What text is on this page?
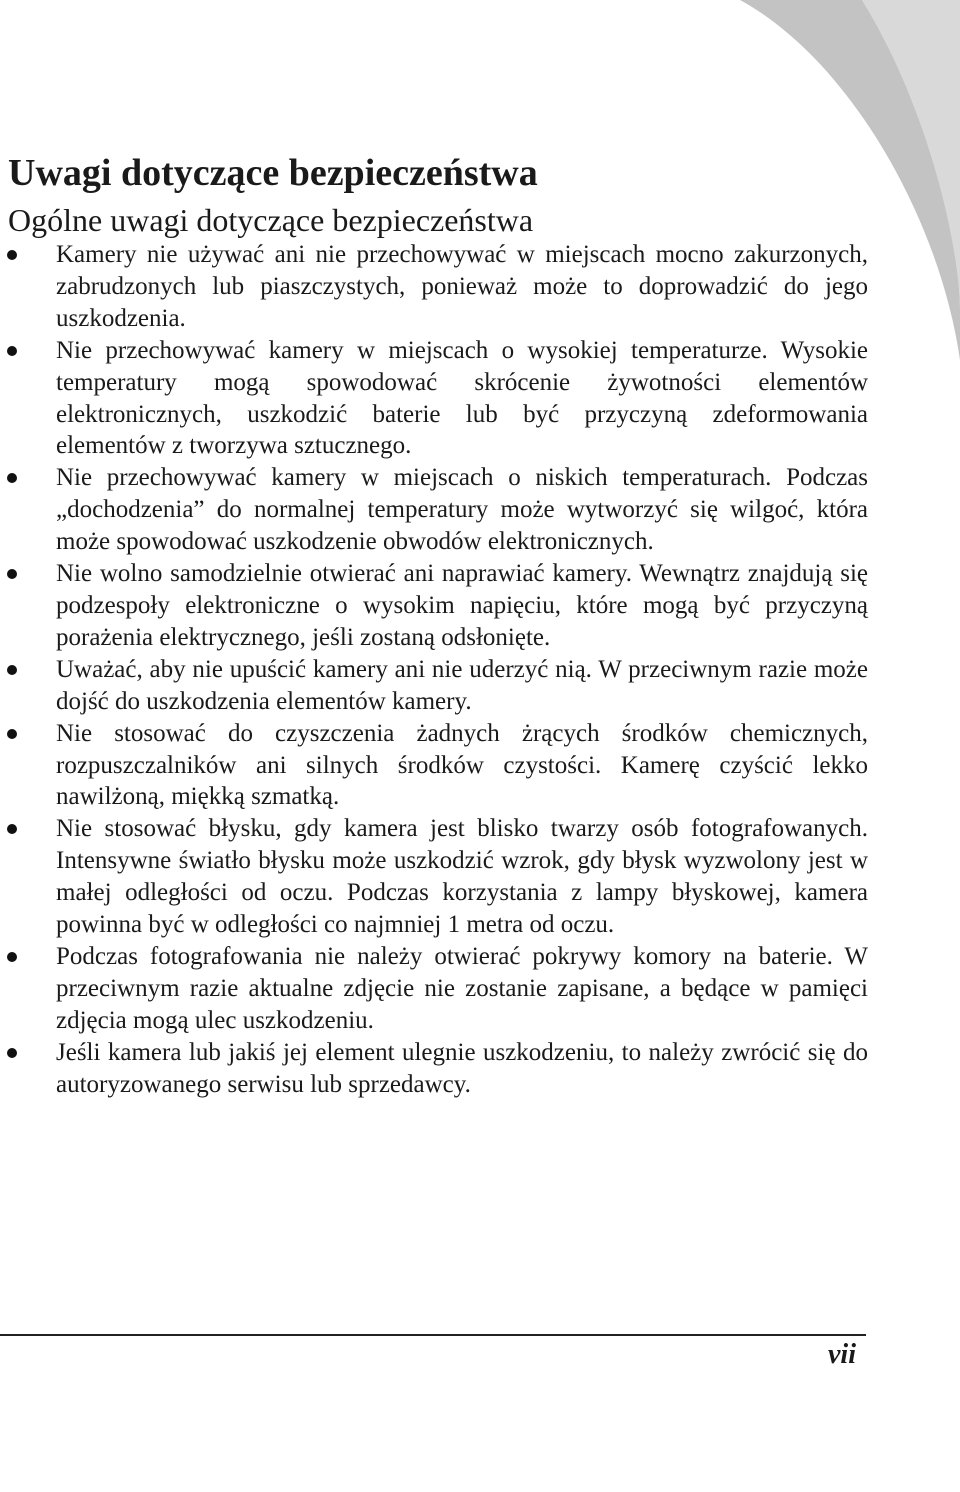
Uwagi dotyczące bezpieczeństwa
Ogólne uwagi dotyczące bezpieczeństwa
Kamery nie używać ani nie przechowywać w miejscach mocno zakurzonych, zabrudzonych lub piaszczystych, ponieważ może to doprowadzić do jego uszkodzenia.
Nie przechowywać kamery w miejscach o wysokiej temperaturze. Wysokie temperatury mogą spowodować skrócenie żywotności elementów elektronicznych, uszkodzić baterie lub być przyczyną zdeformowania elementów z tworzywa sztucznego.
Nie przechowywać kamery w miejscach o niskich temperaturach. Podczas „dochodzenia” do normalnej temperatury może wytworzyć się wilgoć, która może spowodować uszkodzenie obwodów elektronicznych.
Nie wolno samodzielnie otwierać ani naprawiać kamery. Wewnątrz znajdują się podzespoły elektroniczne o wysokim napięciu, które mogą być przyczyną porażenia elektrycznego, jeśli zostaną odsłonięte.
Uważać, aby nie upuścić kamery ani nie uderzyć nią. W przeciwnym razie może dojść do uszkodzenia elementów kamery.
Nie stosować do czyszczenia żadnych żrących środków chemicznych, rozpuszczalników ani silnych środków czystości. Kamerę czyścić lekko nawilżoną, miękką szmatką.
Nie stosować błysku, gdy kamera jest blisko twarzy osób fotografowanych. Intensywne światło błysku może uszkodzić wzrok, gdy błysk wyzwolony jest w małej odległości od oczu. Podczas korzystania z lampy błyskowej, kamera powinna być w odległości co najmniej 1 metra od oczu.
Podczas fotografowania nie należy otwierać pokrywy komory na baterie. W przeciwnym razie aktualne zdjęcie nie zostanie zapisane, a będące w pamięci zdjęcia mogą ulec uszkodzeniu.
Jeśli kamera lub jakiś jej element ulegnie uszkodzeniu, to należy zwrócić się do autoryzowanego serwisu lub sprzedawcy.
vii
